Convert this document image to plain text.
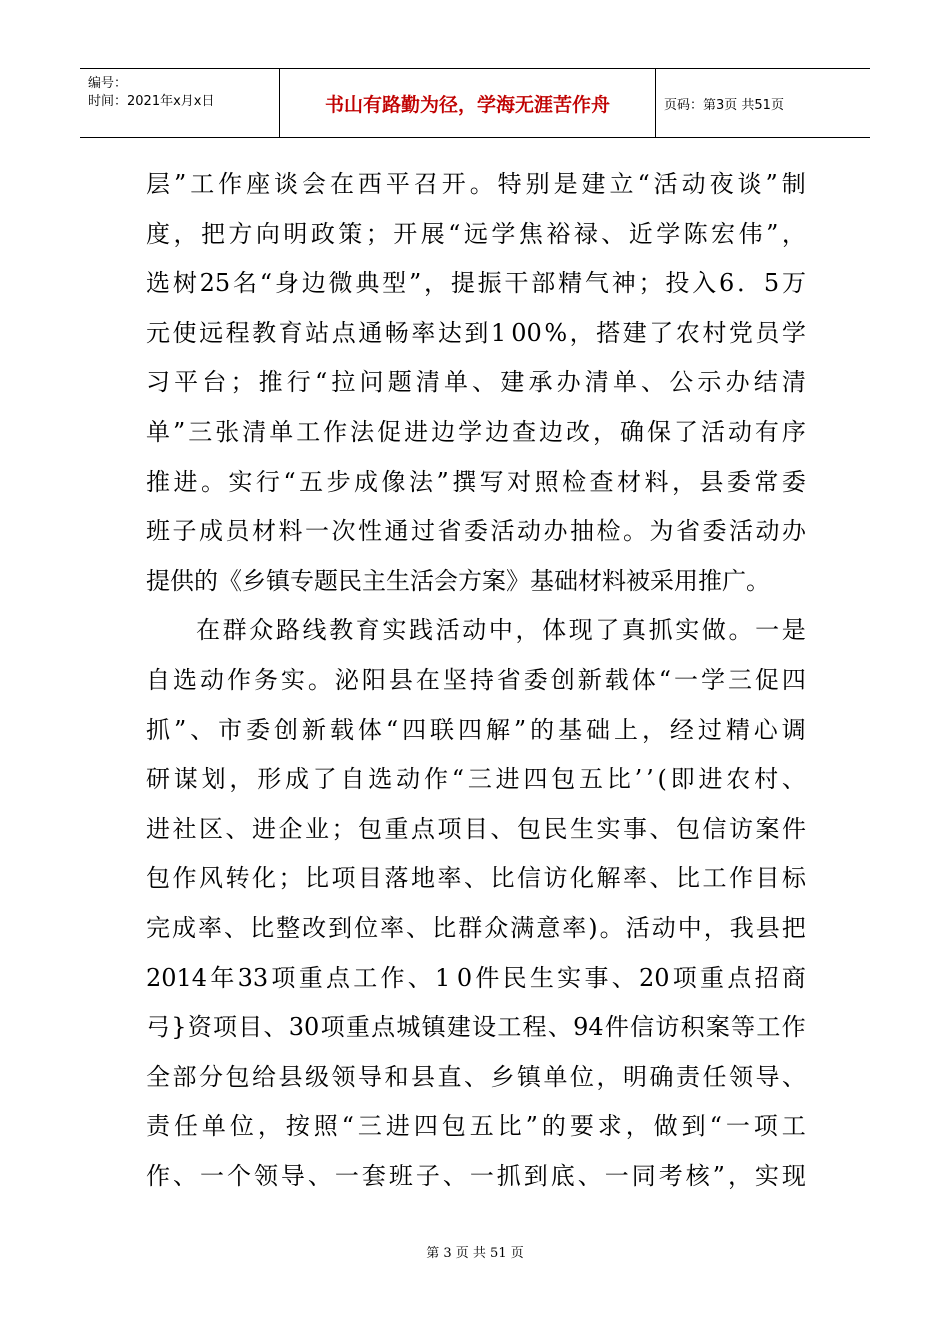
编号：
时间：2021年x月x日	书山有路勤为径，学海无涯苦作舟	页码：第3页 共51页
层 ” 工 作 座 谈 会 在 西 平 召 开 。 特 别 是 建 立 “ 活 动 夜 谈 ” 制
度 ， 把 方 向 明 政 策 ； 开 展 “ 远 学 焦 裕 禄 、 近 学 陈 宏 伟 ” ，
选 树 25 名 “ 身 边 微 典 型 ” ， 提 振 干 部 精 气 神 ； 投 入 6 ． 5 万
元 使 远 程 教 育 站 点 通 畅 率 达 到 1 00 % ， 搭 建 了 农 村 党 员 学
习 平 台 ； 推 行 “ 拉 问 题 清 单 、 建 承 办 清 单 、 公 示 办 结 清
单 ” 三 张 清 单 工 作 法 促 进 边 学 边 查 边 改 ， 确 保 了 活 动 有 序
推 进 。 实 行 “ 五 步 成 像 法 ” 撰 写 对 照 检 查 材 料 ， 县 委 常 委
班 子 成 员 材 料 一 次 性 通 过 省 委 活 动 办 抽 检 。 为 省 委 活 动 办
提供的《乡镇专题民主生活会方案》基础材料被采用推广。
在 群 众 路 线 教 育 实 践 活 动 中 ， 体 现 了 真 抓 实 做 。 一 是
自 选 动 作 务 实 。 泌 阳 县 在 坚 持 省 委 创 新 载 体 “ 一 学 三 促 四
抓 ” 、 市 委 创 新 载 体 “ 四 联 四 解 ” 的 基 础 上 ， 经 过 精 心 调
研 谋 划 ， 形 成 了 自 选 动 作 “ 三 进 四 包 五 比 ’ ’ ( 即 进 农 村 、
进 社 区 、 进 企 业 ； 包 重 点 项 目 、 包 民 生 实 事 、 包 信 访 案 件
包 作 风 转 化 ； 比 项 目 落 地 率 、 比 信 访 化 解 率 、 比 工 作 目 标
完 成 率 、 比 整 改 到 位 率 、 比 群 众 满 意 率 ) 。 活 动 中 ， 我 县 把
2014 年 33 项 重 点 工 作 、 1 0 件 民 生 实 事 、 20 项 重 点 招 商
弓 } 资 项 目 、 30 项 重 点 城 镇 建 设 工 程 、 94 件 信 访 积 案 等 工 作
全 部 分 包 给 县 级 领 导 和 县 直 、 乡 镇 单 位 ， 明 确 责 任 领 导 、
责 任 单 位 ， 按 照 “ 三 进 四 包 五 比 ” 的 要 求 ， 做 到 “ 一 项 工
作 、 一 个 领 导 、 一 套 班 子 、 一 抓 到 底 、 一 同 考 核 ” ， 实 现
第 3 页 共 51 页
